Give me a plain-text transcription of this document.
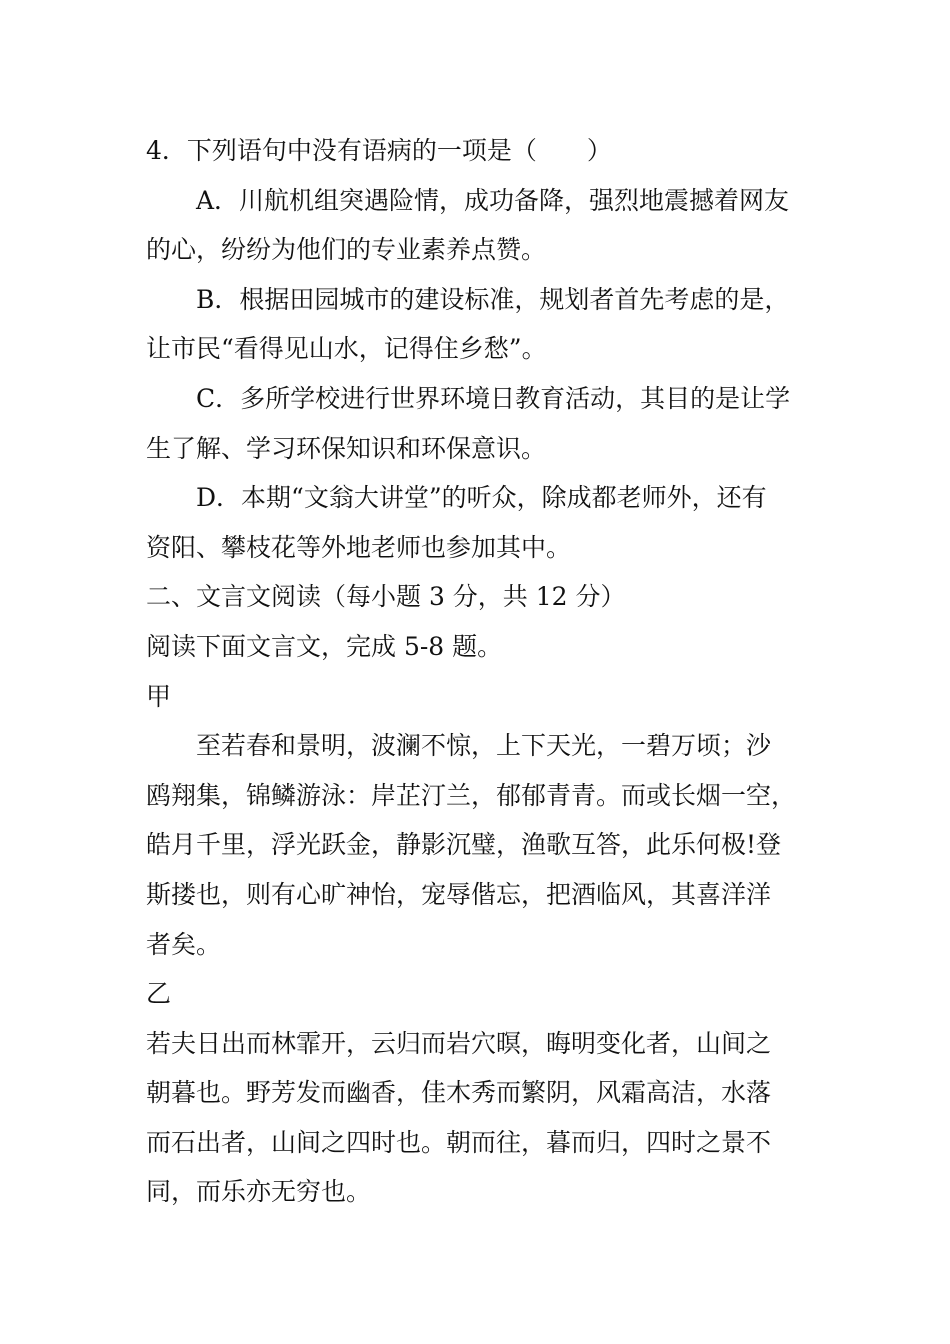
4．下列语句中没有语病的一项是（　　）
A．川航机组突遇险情，成功备降，强烈地震撼着网友
的心，纷纷为他们的专业素养点赞。
B．根据田园城市的建设标准，规划者首先考虑的是，
让市民“看得见山水，记得住乡愁”。
C．多所学校进行世界环境日教育活动，其目的是让学
生了解、学习环保知识和环保意识。
D．本期“文翁大讲堂”的听众，除成都老师外，还有
资阳、攀枝花等外地老师也参加其中。
二、文言文阅读（每小题 3 分，共 12 分）
阅读下面文言文，完成 5-8 题。
甲
至若春和景明，波澜不惊，上下天光，一碧万顷；沙
鸥翔集，锦鳞游泳：岸芷汀兰，郁郁青青。而或长烟一空，
皓月千里，浮光跃金，静影沉璧，渔歌互答，此乐何极!登
斯搂也，则有心旷神怡，宠辱偕忘，把酒临风，其喜洋洋
者矣。
乙
若夫日出而林霏开，云归而岩穴暝，晦明变化者，山间之
朝暮也。野芳发而幽香，佳木秀而繁阴，风霜高洁，水落
而石出者，山间之四时也。朝而往，暮而归，四时之景不
同，而乐亦无穷也。
